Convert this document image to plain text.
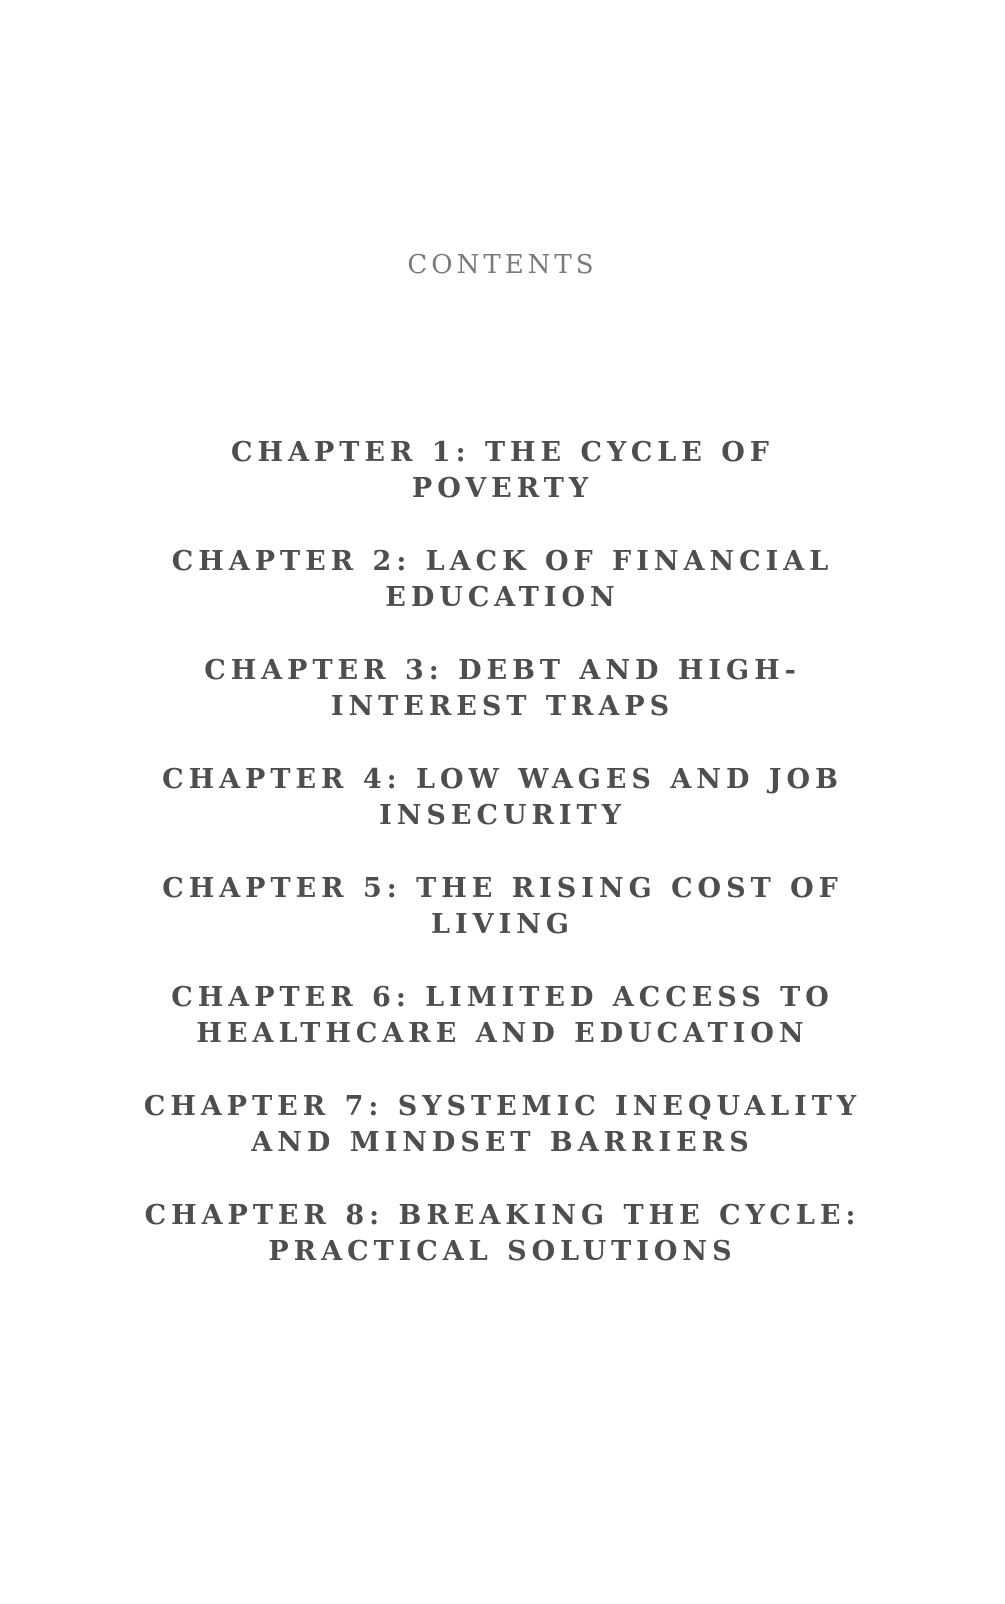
CONTENTS
CHAPTER 1: THE CYCLE OF POVERTY
CHAPTER 2: LACK OF FINANCIAL EDUCATION
CHAPTER 3: DEBT AND HIGH-INTEREST TRAPS
CHAPTER 4: LOW WAGES AND JOB INSECURITY
CHAPTER 5: THE RISING COST OF LIVING
CHAPTER 6: LIMITED ACCESS TO HEALTHCARE AND EDUCATION
CHAPTER 7: SYSTEMIC INEQUALITY AND MINDSET BARRIERS
CHAPTER 8: BREAKING THE CYCLE: PRACTICAL SOLUTIONS
